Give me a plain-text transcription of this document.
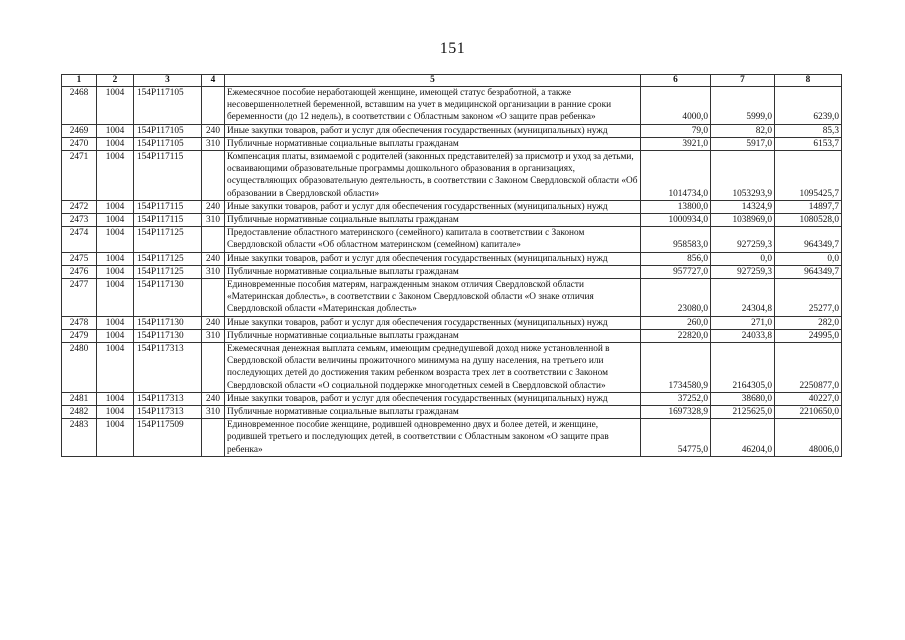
151
1	2	3	4	5	6	7	8
2468	1004	154Р117105		Ежемесячное пособие неработающей женщине, имеющей статус безработной, а также несовершеннолетней беременной, вставшим на учет в медицинской организации в ранние сроки беременности (до 12 недель), в соответствии с Областным законом «О защите прав ребенка»	4000,0	5999,0	6239,0
2469	1004	154Р117105	240	Иные закупки товаров, работ и услуг для обеспечения государственных (муниципальных) нужд	79,0	82,0	85,3
2470	1004	154Р117105	310	Публичные нормативные социальные выплаты гражданам	3921,0	5917,0	6153,7
2471	1004	154Р117115		Компенсация платы, взимаемой с родителей (законных представителей) за присмотр и уход за детьми, осваивающими образовательные программы дошкольного образования в организациях, осуществляющих образовательную деятельность, в соответствии с Законом Свердловской области «Об образовании в Свердловской области»	1014734,0	1053293,9	1095425,7
2472	1004	154Р117115	240	Иные закупки товаров, работ и услуг для обеспечения государственных (муниципальных) нужд	13800,0	14324,9	14897,7
2473	1004	154Р117115	310	Публичные нормативные социальные выплаты гражданам	1000934,0	1038969,0	1080528,0
2474	1004	154Р117125		Предоставление областного материнского (семейного) капитала в соответствии с Законом Свердловской области «Об областном материнском (семейном) капитале»	958583,0	927259,3	964349,7
2475	1004	154Р117125	240	Иные закупки товаров, работ и услуг для обеспечения государственных (муниципальных) нужд	856,0	0,0	0,0
2476	1004	154Р117125	310	Публичные нормативные социальные выплаты гражданам	957727,0	927259,3	964349,7
2477	1004	154Р117130		Единовременные пособия матерям, награжденным знаком отличия Свердловской области «Материнская доблесть», в соответствии с Законом Свердловской области «О знаке отличия Свердловской области «Материнская доблесть»	23080,0	24304,8	25277,0
2478	1004	154Р117130	240	Иные закупки товаров, работ и услуг для обеспечения государственных (муниципальных) нужд	260,0	271,0	282,0
2479	1004	154Р117130	310	Публичные нормативные социальные выплаты гражданам	22820,0	24033,8	24995,0
2480	1004	154Р117313		Ежемесячная денежная выплата семьям, имеющим среднедушевой доход ниже установленной в Свердловской области величины прожиточного минимума на душу населения, на третьего или последующих детей до достижения таким ребенком возраста трех лет в соответствии с Законом Свердловской области «О социальной поддержке многодетных семей в Свердловской области»	1734580,9	2164305,0	2250877,0
2481	1004	154Р117313	240	Иные закупки товаров, работ и услуг для обеспечения государственных (муниципальных) нужд	37252,0	38680,0	40227,0
2482	1004	154Р117313	310	Публичные нормативные социальные выплаты гражданам	1697328,9	2125625,0	2210650,0
2483	1004	154Р117509		Единовременное пособие женщине, родившей одновременно двух и более детей, и женщине, родившей третьего и последующих детей, в соответствии с Областным законом «О защите прав ребенка»	54775,0	46204,0	48006,0
